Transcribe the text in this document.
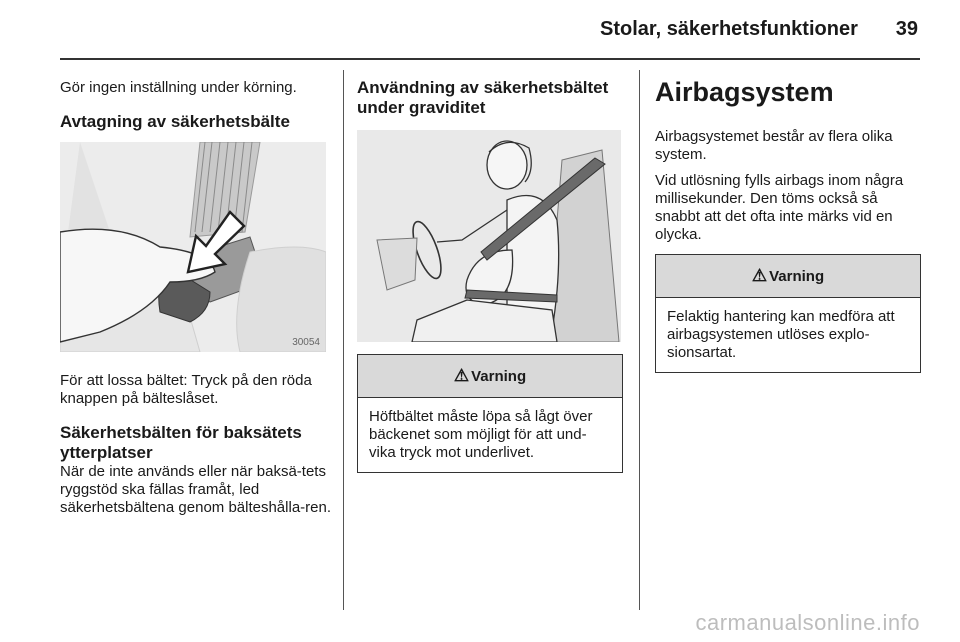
Stolar, säkerhetsfunktioner 39

Gör ingen inställning under körning.

Avtagning av säkerhetsbälte
30054

För att lossa bältet: Tryck på den röda knappen på bälteslåset.

Säkerhetsbälten för baksätets ytterplatser

När de inte används eller när baksä-tets ryggstöd ska fällas framåt, led säkerhetsbältena genom bälteshålla-ren.

Användning av säkerhetsbältet under graviditet
⚠ Varning
Höftbältet måste löpa så lågt över bäckenet som möjligt för att und-vika tryck mot underlivet.
Airbagsystem

Airbagsystemet består av flera olika system.

Vid utlösning fylls airbags inom några millisekunder. Den töms också så snabbt att det ofta inte märks vid en olycka.

⚠ Varning
Felaktig hantering kan medföra att airbagsystemen utlöses explo-sionsartat.
carmanualsonline.info
